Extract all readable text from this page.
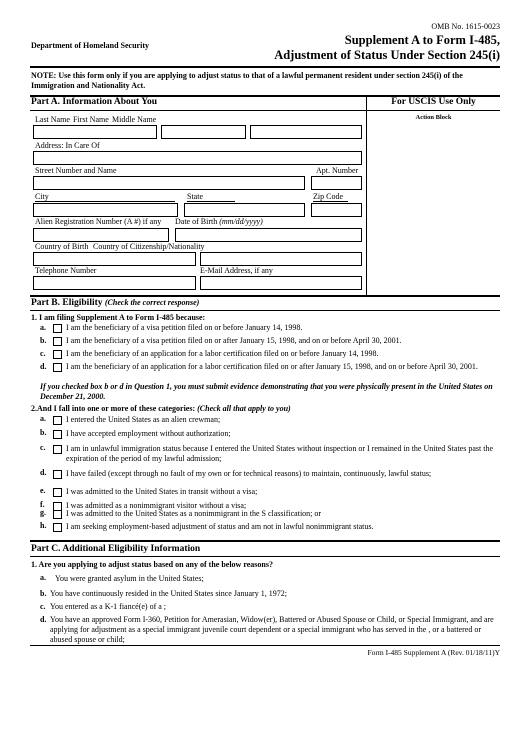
OMB No. 1615-0023
Department of Homeland Security	Supplement A to Form I-485,
Adjustment of Status Under Section 245(i)
NOTE: Use this form only if you are applying to adjust status to that of a lawful permanent resident under section 245(i) of the Immigration and Nationality Act.
Part A. Information About You	For USCIS Use Only
Action Block
Last Name First Name Middle Name
Address: In Care Of
Street Number and Name	Apt. Number
City	State	Zip Code
Alien Registration Number (A #) if any Date of Birth (mm/dd/yyyy)
Country of Birth Country of Citizenship/Nationality
Telephone Number	E-Mail Address, if any
Part B. Eligibility (Check the correct response)
1. I am filing Supplement A to Form I-485 because:
a.	I am the beneficiary of a visa petition filed on or before January 14, 1998.
b. I am the beneficiary of a visa petition filed on or after January 15, 1998, and on or before April 30, 2001.
c.	I am the beneficiary of an application for a labor certification filed on or before January 14, 1998.
d. I am the beneficiary of an application for a labor certification filed on or after January 15, 1998, and on or before April 30, 2001.
If you checked box b or d in Question 1, you must submit evidence demonstrating that you were physically present in the United States on December 21, 2000.
2.And I fall into one or more of these categories: (Check all that apply to you)
a.	I entered the United States as an alien crewman;
b. I have accepted employment without authorization;
c.	I am in unlawful immigration status because I entered the United States without inspection or I remained in the United States past the expiration of the period of my lawful admission;
d. I have failed (except through no fault of my own or for technical reasons) to maintain, continuously, lawful status;
e.	I was admitted to the United States in transit without a visa;
f.	I was admitted as a nonimmigrant visitor without a visa;
g.	I was admitted to the United States as a nonimmigrant in the S classification; or
h. I am seeking employment-based adjustment of status and am not in lawful nonimmigrant status.
Part C. Additional Eligibility Information
1. Are you applying to adjust status based on any of the below reasons?
a. You were granted asylum in the United States;
b. You have continuously resided in the United States since January 1, 1972;
c. You entered as a K-1 fiancé(e) of a ;
d. You have an approved Form I-360, Petition for Amerasian, Widow(er), Battered or Abused Spouse or Child, or Special Immigrant, and are applying for adjustment as a special immigrant juvenile court dependent or a special immigrant who has served in the , or a battered or abused spouse or child;
Form I-485 Supplement A (Rev. 01/18/11)Y
